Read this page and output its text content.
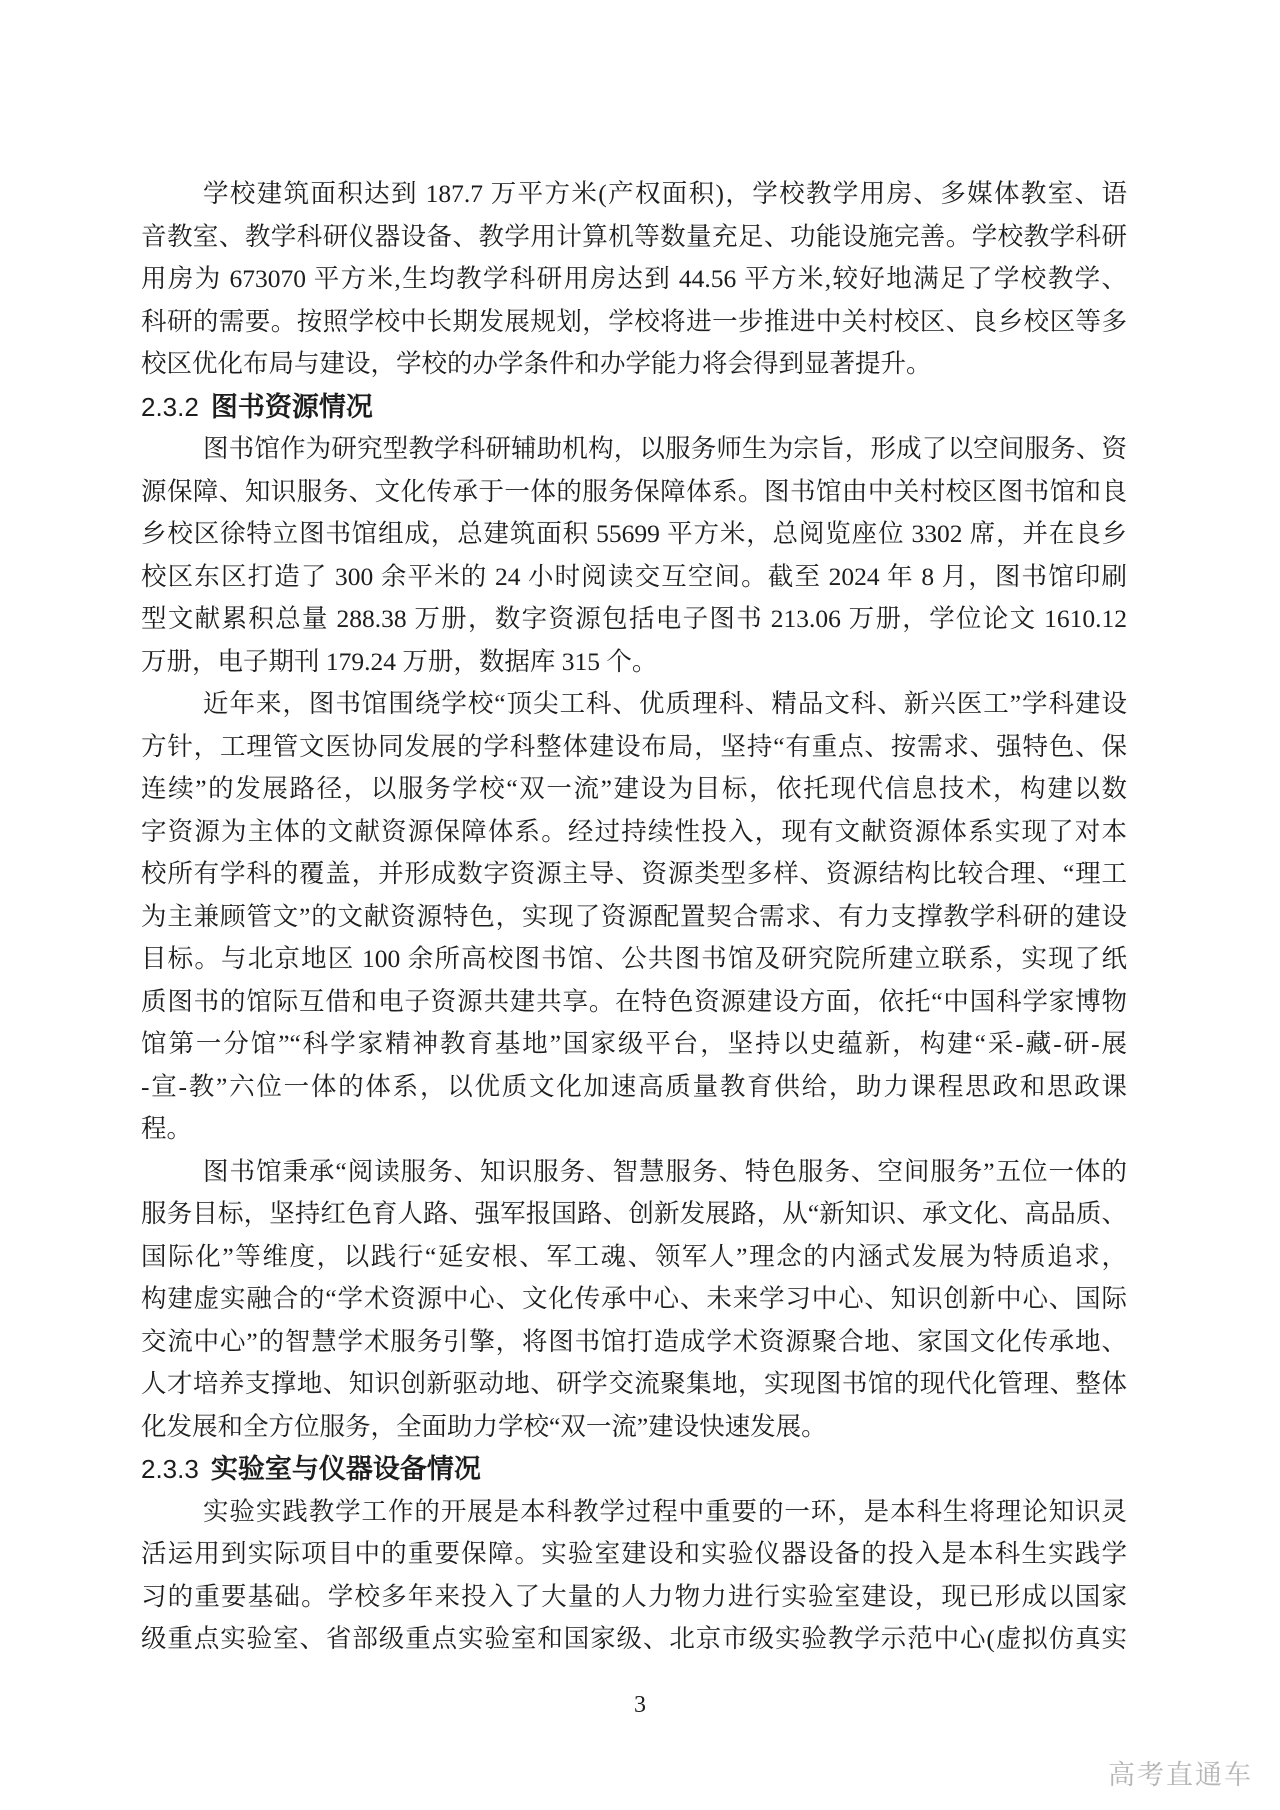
学校建筑面积达到 187.7 万平方米(产权面积)，学校教学用房、多媒体教室、语
音教室、教学科研仪器设备、教学用计算机等数量充足、功能设施完善。学校教学科研
用房为 673070 平方米,生均教学科研用房达到 44.56 平方米,较好地满足了学校教学、
科研的需要。按照学校中长期发展规划，学校将进一步推进中关村校区、良乡校区等多
校区优化布局与建设，学校的办学条件和办学能力将会得到显著提升。
2.3.2 图书资源情况
图书馆作为研究型教学科研辅助机构，以服务师生为宗旨，形成了以空间服务、资
源保障、知识服务、文化传承于一体的服务保障体系。图书馆由中关村校区图书馆和良
乡校区徐特立图书馆组成，总建筑面积 55699 平方米，总阅览座位 3302 席，并在良乡
校区东区打造了 300 余平米的 24 小时阅读交互空间。截至 2024 年 8 月，图书馆印刷
型文献累积总量 288.38 万册，数字资源包括电子图书 213.06 万册，学位论文 1610.12
万册，电子期刊 179.24 万册，数据库 315 个。
近年来，图书馆围绕学校“顶尖工科、优质理科、精品文科、新兴医工”学科建设
方针，工理管文医协同发展的学科整体建设布局，坚持“有重点、按需求、强特色、保
连续”的发展路径，以服务学校“双一流”建设为目标，依托现代信息技术，构建以数
字资源为主体的文献资源保障体系。经过持续性投入，现有文献资源体系实现了对本
校所有学科的覆盖，并形成数字资源主导、资源类型多样、资源结构比较合理、“理工
为主兼顾管文”的文献资源特色，实现了资源配置契合需求、有力支撑教学科研的建设
目标。与北京地区 100 余所高校图书馆、公共图书馆及研究院所建立联系，实现了纸
质图书的馆际互借和电子资源共建共享。在特色资源建设方面，依托“中国科学家博物
馆第一分馆”“科学家精神教育基地”国家级平台，坚持以史蕴新，构建“采-藏-研-展
-宣-教”六位一体的体系，以优质文化加速高质量教育供给，助力课程思政和思政课
程。
图书馆秉承“阅读服务、知识服务、智慧服务、特色服务、空间服务”五位一体的
服务目标，坚持红色育人路、强军报国路、创新发展路，从“新知识、承文化、高品质、
国际化”等维度，以践行“延安根、军工魂、领军人”理念的内涵式发展为特质追求，
构建虚实融合的“学术资源中心、文化传承中心、未来学习中心、知识创新中心、国际
交流中心”的智慧学术服务引擎，将图书馆打造成学术资源聚合地、家国文化传承地、
人才培养支撑地、知识创新驱动地、研学交流聚集地，实现图书馆的现代化管理、整体
化发展和全方位服务，全面助力学校“双一流”建设快速发展。
2.3.3 实验室与仪器设备情况
实验实践教学工作的开展是本科教学过程中重要的一环，是本科生将理论知识灵
活运用到实际项目中的重要保障。实验室建设和实验仪器设备的投入是本科生实践学
习的重要基础。学校多年来投入了大量的人力物力进行实验室建设，现已形成以国家
级重点实验室、省部级重点实验室和国家级、北京市级实验教学示范中心(虚拟仿真实
3
高考直通车
